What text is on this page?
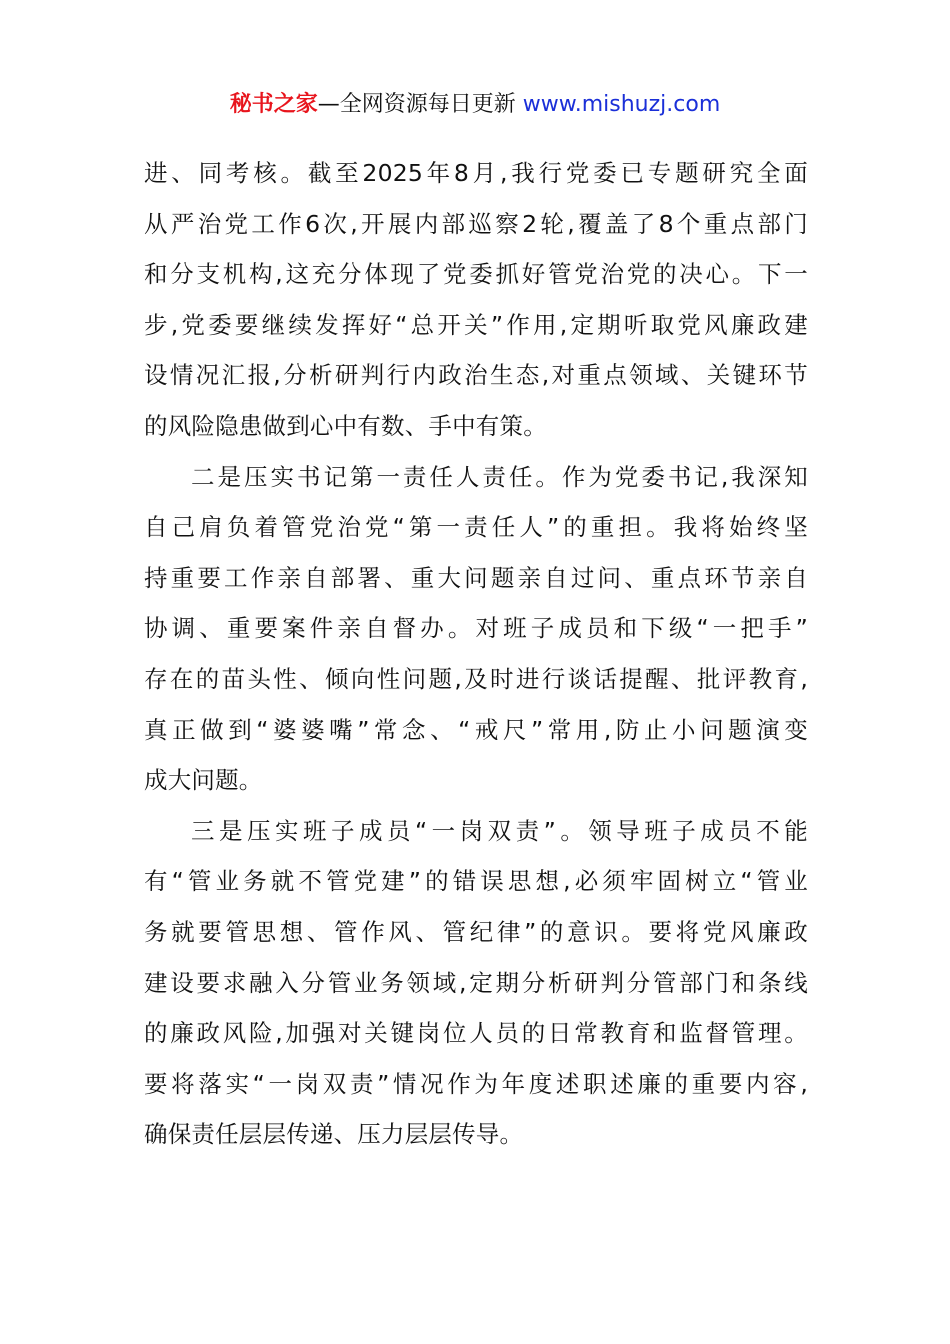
秘书之家—全网资源每日更新 www.mishuzj.com
进、同考核。截至2025年8月,我行党委已专题研究全面
从严治党工作6次,开展内部巡察2轮,覆盖了8个重点部门
和分支机构,这充分体现了党委抓好管党治党的决心。下一
步,党委要继续发挥好“总开关”作用,定期听取党风廉政建
设情况汇报,分析研判行内政治生态,对重点领域、关键环节
的风险隐患做到心中有数、手中有策。
二是压实书记第一责任人责任。作为党委书记,我深知
自己肩负着管党治党“第一责任人”的重担。我将始终坚
持重要工作亲自部署、重大问题亲自过问、重点环节亲自
协调、重要案件亲自督办。对班子成员和下级“一把手”
存在的苗头性、倾向性问题,及时进行谈话提醒、批评教育,
真正做到“婆婆嘴”常念、“戒尺”常用,防止小问题演变
成大问题。
三是压实班子成员“一岗双责”。领导班子成员不能
有“管业务就不管党建”的错误思想,必须牢固树立“管业
务就要管思想、管作风、管纪律”的意识。要将党风廉政
建设要求融入分管业务领域,定期分析研判分管部门和条线
的廉政风险,加强对关键岗位人员的日常教育和监督管理。
要将落实“一岗双责”情况作为年度述职述廉的重要内容,
确保责任层层传递、压力层层传导。
